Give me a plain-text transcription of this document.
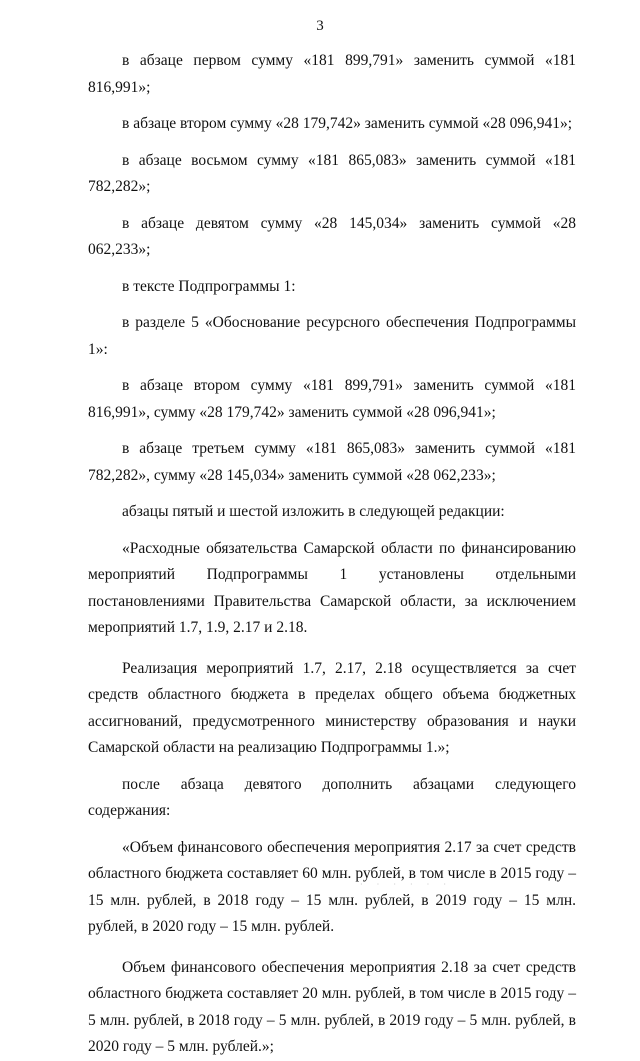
3

в абзаце первом сумму «181 899,791» заменить суммой «181 816,991»;

в абзаце втором сумму «28 179,742» заменить суммой «28 096,941»;

в абзаце восьмом сумму «181 865,083» заменить суммой «181 782,282»;

в абзаце девятом сумму «28 145,034» заменить суммой «28 062,233»;

в тексте Подпрограммы 1:

в разделе 5 «Обоснование ресурсного обеспечения Подпрограммы 1»:

в абзаце втором сумму «181 899,791» заменить суммой «181 816,991», сумму «28 179,742» заменить суммой «28 096,941»;

в абзаце третьем сумму «181 865,083» заменить суммой «181 782,282», сумму «28 145,034» заменить суммой «28 062,233»;

абзацы пятый и шестой изложить в следующей редакции:

«Расходные обязательства Самарской области по финансированию мероприятий Подпрограммы 1 установлены отдельными постановлениями Правительства Самарской области, за исключением мероприятий 1.7, 1.9, 2.17 и 2.18.

Реализация мероприятий 1.7, 2.17, 2.18 осуществляется за счет средств областного бюджета в пределах общего объема бюджетных ассигнований, предусмотренного министерству образования и науки Самарской области на реализацию Подпрограммы 1.»;

после абзаца девятого дополнить абзацами следующего содержания:

«Объем финансового обеспечения мероприятия 2.17 за счет средств областного бюджета составляет 60 млн. рублей, в том числе в 2015 году – 15 млн. рублей, в 2018 году – 15 млн. рублей, в 2019 году – 15 млн. рублей, в 2020 году – 15 млн. рублей.

Объем финансового обеспечения мероприятия 2.18 за счет средств областного бюджета составляет 20 млн. рублей, в том числе в 2015 году – 5 млн. рублей, в 2018 году – 5 млн. рублей, в 2019 году – 5 млн. рублей, в 2020 году – 5 млн. рублей.»;

· · · · · ·
